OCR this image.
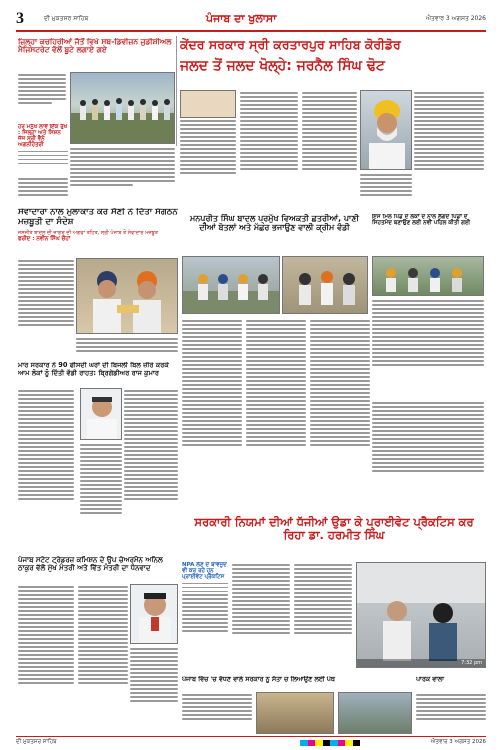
3	ਦੀ ਮੁਕਤਸਰ ਸਾਹਿਬ	ਪੰਜਾਬ ਦਾ ਖੁਲਾਸਾ	ਐਤਵਾਰ 3 ਅਗਸਤ 2026
ਜ਼ਿਲ੍ਹਾ ਕਚਹਿਰੀਆਂ ਜੈਤੋਂ ਵਿਖੇ ਸਬ-ਡਿਵੀਜ਼ਨ ਜੁਡੀਸ਼ੀਅਲ ਮੈਜਿਸਟਰੇਟ ਵੱਲੋਂ ਬੂਟੇ ਲਗਾਏ ਗਏ
ਹਰ ਮਨੁੱਖ ਲਾਵੇ ਇੱਕ ਰੁੱਖ : ਜਿਲ੍ਹਾ ਅਤੇ ਸਿਸ਼ਨ ਜੱਜ ਸ੍ਰੀ ਵੈਨੇ ਅਗਨੀਹੋਤਰੀ
ਕੇਂਦਰ ਸਰਕਾਰ ਸ੍ਰੀ ਕਰਤਾਰਪੁਰ ਸਾਹਿਬ ਕੋਰੀਡੋਰ
ਜਲਦ ਤੋਂ ਜਲਦ ਖੋਲ੍ਹੇ: ਜਰਨੈਲ ਸਿੰਘ ਢੋਟ
ਸੇਵਾਦਾਰਾ ਨਾਲ ਮੁਲਾਕਾਤ ਕਰ ਸੈਣੀ ਨੇ ਦਿੱਤਾ ਸੰਗਠਨ ਮਜ਼ਬੂਤੀ ਦਾ ਸੰਦੇਸ਼
ਜਸਜੀਤ ਬਾਦਲ ਦੀ ਜਾਗਰ ਦੀ ਅਗਵਾ ਤਹਿਤ, ਸ੍ਰੀ ਪੰਜਾਬ ਤੋਂ ਸੇਵਾਦਾਰ ਮਜਬੂਤ
ਫਰੀਦ : ਨਵੀਨ ਸਿੰਘ ਚੌਹਾਂ
ਮਾਰ ਸਰਕਾਰ ਨੇ 90 ਫੀਸਦੀ ਘਰਾਂ ਦੀ ਬਿਜਲੀ ਬਿਲ ਜ਼ੀਰੋ ਕਰਕੇ ਆਮ ਲੋਕਾਂ ਨੂੰ ਦਿੱਤੀ ਵੱਡੀ ਰਾਹਤ: ਬ੍ਰਿਗੇਡੀਅਰ ਰਾਜ ਕੁਮਾਰ
ਪੰਜਾਬ ਸਟੇਟ ਟ੍ਰੇਡਰਜ਼ ਕਮਿਸ਼ਨ ਦੇ ਉਪ ਚੇਅਰਮੈਨ ਅਨਿਲ ਠਾਕੁਰ ਵੱਲੋਂ ਮੁੱਖ ਮੰਤਰੀ ਅਤੇ ਵਿੱਤ ਮੰਤਰੀ ਦਾ ਧੰਨਵਾਦ
ਮਨਪ੍ਰੀਤ ਸਿੰਘ ਬਾਦਲ ਪ੍ਰਮੁੱਖ ਵਿਅਕਤੀ ਛਤਰੀਆਂ, ਪਾਣੀ ਦੀਆਂ ਬੋਤਲਾਂ ਅਤੇ ਮੱਛਰ ਭਜਾਉਣ ਵਾਲੀ ਕ੍ਰੀਮ ਵੰਡੀ
ਇਸ ਮਿਲ ਪਿੰਡ ਦੇ ਲੋਕਾਂ ਦੇ ਨਾਲ ਲੱਗਦੇ ਪਿੰਡਾਂ ਦੇ ਸਿਹਤਮੰਦ ਬਣਾਉਣ ਲਈ ਨਵੀਂ ਪਹਿਲ ਕੀਤੀ ਗਈ
ਸਰਕਾਰੀ ਨਿਯਮਾਂ ਦੀਆਂ ਧੱਜੀਆਂ ਉਡਾ ਕੇ ਪ੍ਰਾਈਵੇਟ ਪ੍ਰੈਕਟਿਸ ਕਰ ਰਿਹਾ ਡਾ. ਹਰਮੀਤ ਸਿੰਘ
NPA ਲੈਣ ਦੇ ਬਾਵਜੂਦ ਵੀ ਕਰ ਰਹੇ ਹਨ ਪ੍ਰਾਈਵੇਟ ਪ੍ਰੈਕਟਿਸ
7:32 pm
ਪੰਜਾਬ ਵਿੱਚ 'ਚ ਵੱਧਣ ਵਾਲੇ ਸਰਕਾਰ ਨੂੰ ਸੱਤਾ ਚ ਲਿਆਉਣ ਲਈ ਪੰਥ	ਪਾਰਕ ਵਾਲਾ
ਦੀ ਮੁਕਤਸਰ ਸਾਹਿਬ	ਐਤਵਾਰ 3 ਅਗਸਤ 2026
